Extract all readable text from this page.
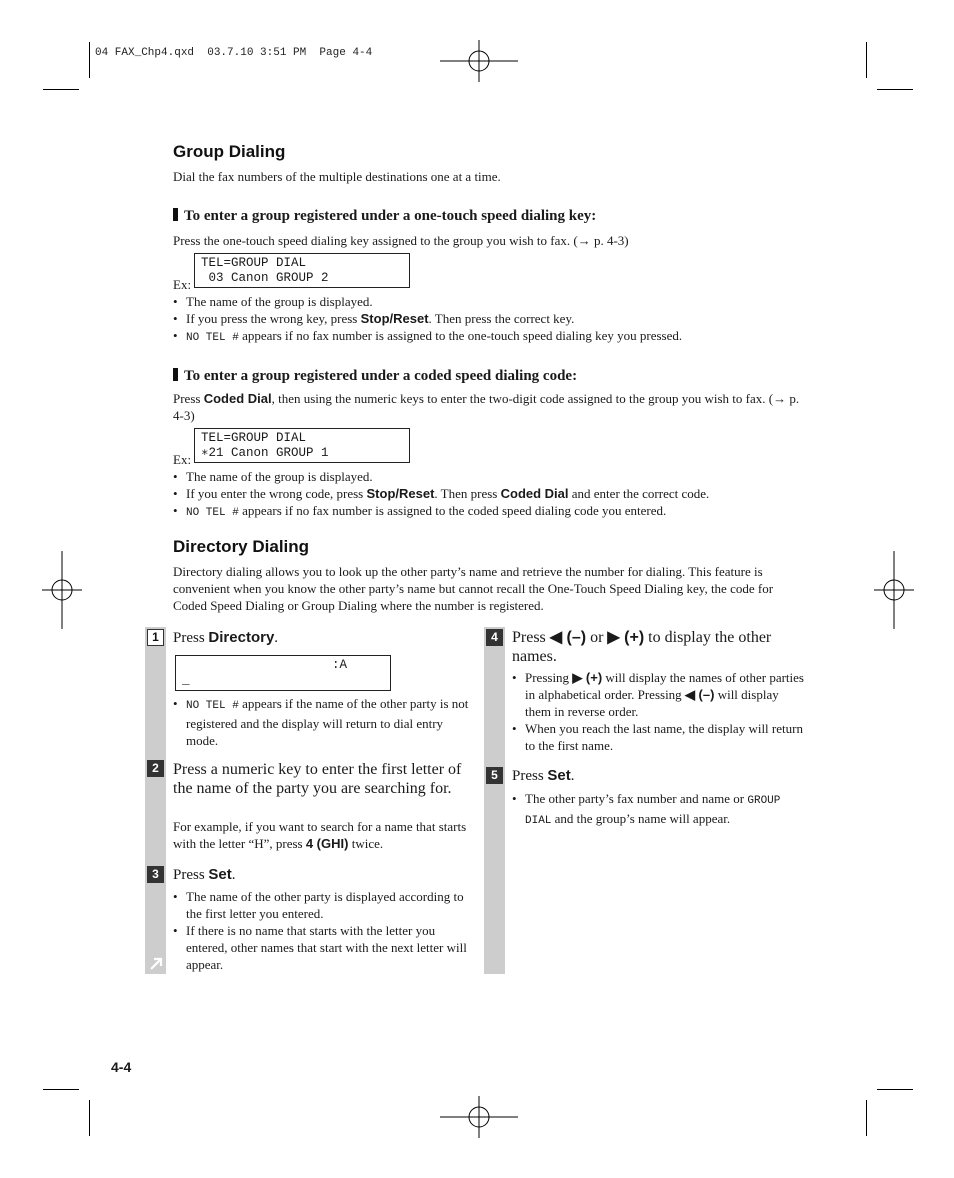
04 FAX_Chp4.qxd  03.7.10 3:51 PM  Page 4-4
Group Dialing
Dial the fax numbers of the multiple destinations one at a time.
To enter a group registered under a one-touch speed dialing key:
Press the one-touch speed dialing key assigned to the group you wish to fax. (→ p. 4-3)
Ex:
TEL=GROUP DIAL
03 Canon GROUP 2
• The name of the group is displayed.
• If you press the wrong key, press Stop/Reset. Then press the correct key.
• NO TEL # appears if no fax number is assigned to the one-touch speed dialing key you pressed.
To enter a group registered under a coded speed dialing code:
Press Coded Dial, then using the numeric keys to enter the two-digit code assigned to the group you wish to fax. (→ p. 4-3)
Ex:
TEL=GROUP DIAL
∗21 Canon GROUP 1
• The name of the group is displayed.
• If you enter the wrong code, press Stop/Reset. Then press Coded Dial and enter the correct code.
• NO TEL # appears if no fax number is assigned to the coded speed dialing code you entered.
Directory Dialing
Directory dialing allows you to look up the other party’s name and retrieve the number for dialing. This feature is convenient when you know the other party’s name but cannot recall the One-Touch Speed Dialing key, the code for Coded Speed Dialing or Group Dialing where the number is registered.
1 Press Directory.
:A
_
• NO TEL # appears if the name of the other party is not registered and the display will return to dial entry mode.
2 Press a numeric key to enter the first letter of the name of the party you are searching for.
For example, if you want to search for a name that starts with the letter “H”, press 4 (GHI) twice.
3 Press Set.
• The name of the other party is displayed according to the first letter you entered.
• If there is no name that starts with the letter you entered, other names that start with the next letter will appear.
4 Press ◀ (–) or ▶ (+) to display the other names.
• Pressing ▶ (+) will display the names of other parties in alphabetical order. Pressing ◀ (–) will display them in reverse order.
• When you reach the last name, the display will return to the first name.
5 Press Set.
• The other party’s fax number and name or GROUP DIAL and the group’s name will appear.
4-4
